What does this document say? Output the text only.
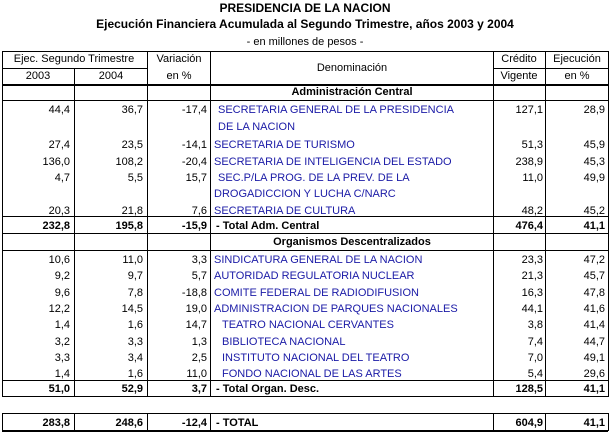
PRESIDENCIA DE LA NACION
Ejecución Financiera Acumulada al Segundo Trimestre, años 2003 y 2004
- en millones de pesos -
Ejec. Segundo Trimestre
2003	2004
Variación
en %
Denominación
Crédito
Vigente
Ejecución
en %
Administración Central
Organismos Descentralizados
44,4	36,7	-17,4 SECRETARIA GENERAL DE LA PRESIDENCIA
DE LA NACION
127,1	28,9
27,4	23,5	-14,1 SECRETARIA DE TURISMO	51,3	45,9
136,0	108,2	-20,4 SECRETARIA DE INTELIGENCIA DEL ESTADO	238,9	45,3
4,7	5,5	15,7 SEC.P/LA PROG. DE LA PREV. DE LA
DROGADICCION Y LUCHA C/NARC
11,0	49,9
20,3	21,8	7,6 SECRETARIA DE CULTURA	48,2	45,2
232,8	195,8	-15,9 - Total Adm. Central	476,4	41,1
10,6	11,0	3,3 SINDICATURA GENERAL DE LA NACION	23,3	47,2
9,2	9,7	5,7 AUTORIDAD REGULATORIA NUCLEAR	21,3	45,7
9,6	7,8	-18,8 COMITE FEDERAL DE RADIODIFUSION	16,3	47,8
12,2	14,5	19,0 ADMINISTRACION DE PARQUES NACIONALES	44,1	41,6
1,4	1,6	14,7 TEATRO NACIONAL CERVANTES	3,8	41,4
3,2	3,3	1,3 BIBLIOTECA NACIONAL	7,4	44,7
3,3	3,4	2,5 INSTITUTO NACIONAL DEL TEATRO	7,0	49,1
1,4	1,6	11,0 FONDO NACIONAL DE LAS ARTES	5,4	29,6
51,0	52,9	3,7 - Total Organ. Desc.	128,5	41,1
283,8	248,6	-12,4 - TOTAL	604,9	41,1
